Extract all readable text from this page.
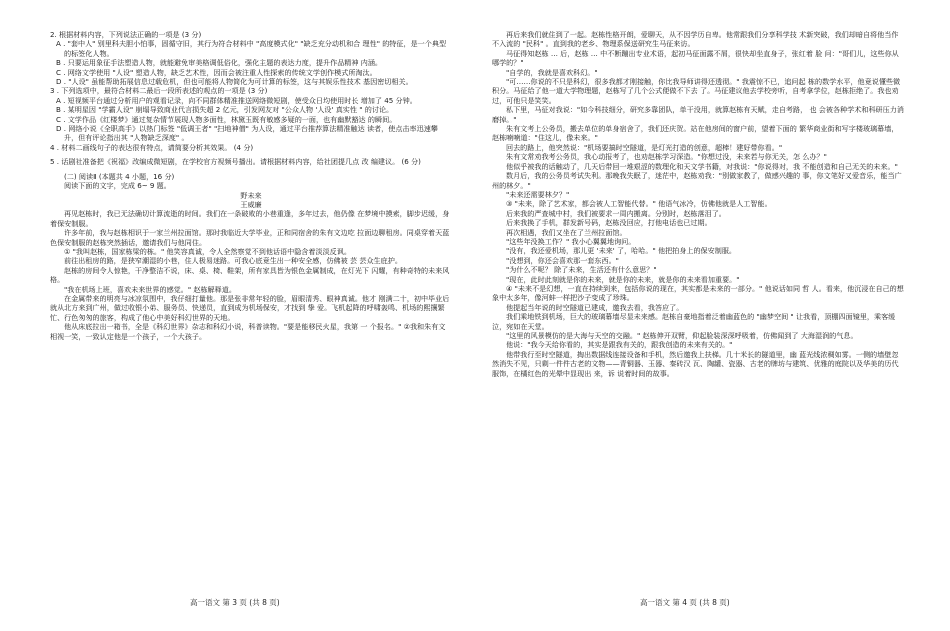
2. 根据材料内容，下列说法正确的一项是 (3 分)

A . "套中人" 别里科夫胆小怕事，固循守旧，其行为符合材料中 "高度模式化" "缺乏充分动机和合 理性" 的特征，是一个典型的标签化人物。

B . 只要运用象征手法塑造人物，就能避免审美格调低俗化，强化主题的表达力度，提升作品精神 内涵。

C . 网络文学使用 "人设" 塑造人物，缺乏艺术性，因而会被注重人性探索的传统文学创作模式所淘汰。

D . "人设" 虽能帮助拓展信息过载危机，但也可能将人物简化为可计算的标签，这与其娱乐性技术 基因密切相关。

3 . 下列选项中，最符合材料二最后一段所表述的观点的一项是 (3 分)

A . 短视频平台通过分析用户的观看记录，向不同群体精准推送网络微短剧，使受众日均使用时长 增加了 45 分钟。

B . 某明星因 "学霸人设" 崩塌导致商业代言损失超 2 亿元，引发网友对 "公众人物 '人设' 真实性 " 的讨论。

C . 文学作品《红楼梦》通过复杂情节展现人物多面性，林黛玉既有敏感多疑的一面，也有幽默豁达 的瞬间。

D . 网络小说《全职高手》以热门标签 "低调王者" "扫地神僧" 为人设，通过平台推荐算法精准触达 读者，使点击率迅速攀升，但有评论指出其 "人物缺乏深度" 。

4 . 材料二画线句子的表达很有特点，请简要分析其效果。 (4 分)

5 . 话剧社准备把《祝福》改编成微短剧，在学校官方视频号播出。请根据材料内容，给社团提几点 改 编建议。 (6 分)

(二) 阅读Ⅱ (本题共 4 小题，16 分)

阅读下面的文字，完成 6~ 9 题。

野未来

王威廉

再见赵栋时，我已无法确切计算流逝的时间。我们在一条破败的小巷重逢，多年过去，他仍像 在梦境中摸索，脚步迟缓，身着保安制服。

许多年前，我与赵栋相识于一家兰州拉面馆。那时我临近大学毕业，正和同宿舍的朱有文边吃 拉面边聊租房。同桌穿着天蓝色保安制服的赵栋突然插话，邀请我们与他同住。

① "我叫赵栋，国家栋梁的栋。" 他笑容真诚，令人全然察觉不到他话语中隐含着淡淡反讽。

前往出租房的路，是狭窄潮湿的小巷，住人极易迷路。可我心底竟生出一种安全感，仿佛被 芸 芸众生庇护。

赵栋的房间令人惊艳，干净整洁不说，床、桌、椅、鞋架，所有家具皆为银色金属制成，在灯光下 闪耀，有种奇特的未来风格。

"我在机场上班，喜欢未来世界的感觉。" 赵栋解释道。

在金属带来的明亮与冰凉氛围中，我仔细打量他。那是张非常年轻的脸，眉眼清秀、眼神真诚。他才 刚满二十，初中毕业后就从北方来到广州，做过收银小弟、服务员、快递员，直到成为机场保安，才找到 挚 爱。飞机起降的呼啸轰鸣、机场的熙攘繁忙、行色匆匆的旅客，构成了他心中美好科幻世界的天地。

他从床底拉出一箱书，全是《科幻世界》杂志和科幻小说，科普读物。"要是能移民火星，我第 一 个报名。" ②我和朱有文相视一笑，一致认定他是一个孩子，一个大孩子。

再后来我们就住到了一起。赵栋性格开朗，爱聊天，从不因学历自卑。他常跟我们分享科学技 术新突破，我们却暗自将他当作不入流的 "民科" 。直到我的老乡、物理系保送研究生马征来访。

马征得知赵栋 … 后，赵栋 … 中不断蹦出专业术语，起初马征面露不屑，很快却坐直身子，张红着 脸 问："哥们儿，这些你从哪学的？"

"自学的，我就是喜欢科幻。"

"可……你说的不只是科幻，很多我都才刚接触，你比我导师讲得还透彻。" 我震惊不已，追问起 栋的数学水平，他竟说懂些微积分。马征给了他一道大学物理题，赵栋写了几个公式便做不下去 了。马征建议他去学校旁听，自考拿学位，赵栋拒绝了。我也劝过，可他只是笑笑。

私下里，马征对我说："如今科技细分，研究多靠团队，单干没用，就算赵栋有天赋，走自考路， 也 会被各种学术和科研压力消磨掉。"

朱有文考上公务员，搬去单位的单身宿舍了，我们还庆贺。站在他房间的窗户前，望着下面的 繁华商业街和写字楼玻璃幕墙，赵栋喃喃道："住这儿，像未来。"

回去的路上，他突然说："机场要搞时空隧道，是灯光打造的创意，超棒！建好带你看。"

朱有文常劝我考公务员，我心动报考了，也劝赵栋学习深造。"你想过没，未来若与你无关，怎 么办？"

他似乎被我的话触动了，几天后带回一堆艰涩的数理化和天文学书籍，对我说："你说得对，我 不能创造和自己无关的未来。"

数月后，我的公务员考试失利。那晚我失眠了，迷茫中，赵栋劝我："别做家教了，做感兴趣的 事，你文笔好又爱音乐，能当广州的林夕。"

"未来还需要林夕？"

③ "未来，除了艺术家，都会被人工智能代替。" 他语气冰冷，仿佛他就是人工智能。

后来我的严查城中村，我们被要求一周内搬离。分别时，赵栋落泪了。

后来我换了手机，群发新号码，赵栋没回应，打他电话也已过期。

再次相遇，我们又坐在了兰州拉面馆。

"这些年没换工作？" 我小心翼翼地询问。

"没有，我还爱机场，那儿更 '未来' 了，哈哈。" 他把拍身上的保安制服。

"没想到，你还会喜欢那一套东西。"

"为什么不呢？ 除了未来，生活还有什么意思？"

"现在，此时此刻就是你的未来，就是你的未来，就是你的未来看加重要。"

④ "未来不是幻想，一直在持续到来，包括你说的现在，其实都是未来的一部分。" 他说话如同 哲 人。看来，他沉浸在自己的想象中太多年，像河蚌一样把沙子变成了珍珠。

他提起当年说的时空隧道已建成，邀我去看，我答应了。

我们乘地铁到机场，巨大的玻璃幕墙尽显未来感。赵栋自豪地指着泛着幽蓝色的 "幽梦空间 " 让我看，顶棚四面镜里，乘客缓泣，宛如在天堂。

"这里的风景模仿的是大海与天空的交融。" 赵栋伸开双臂，仰起脸装深深呼吸着，仿佛闻到了 大海湿润的气息。

他说："我今天给你看的，其实是跟我有关的，跟我创造的未来有关的。"

他带我行至时空隧道，掏出数据线连接设备和手机，然后邀我上扶梯。几十米长的隧道里，幽 蓝光线浓稠如雾。一侧的墙壁忽然消失不见，只剩一件件古老的文物——青铜器、玉器、秦砖汉 瓦、陶罐、瓷器、古老的牌坊与建筑、优雅的庭院以及华美的历代服饰，在橘红色的光晕中显现出 来，诉 说着时间的故事。

高一语文 第 3 页 (共 8 页)	高一语文 第 4 页 (共 8 页)
